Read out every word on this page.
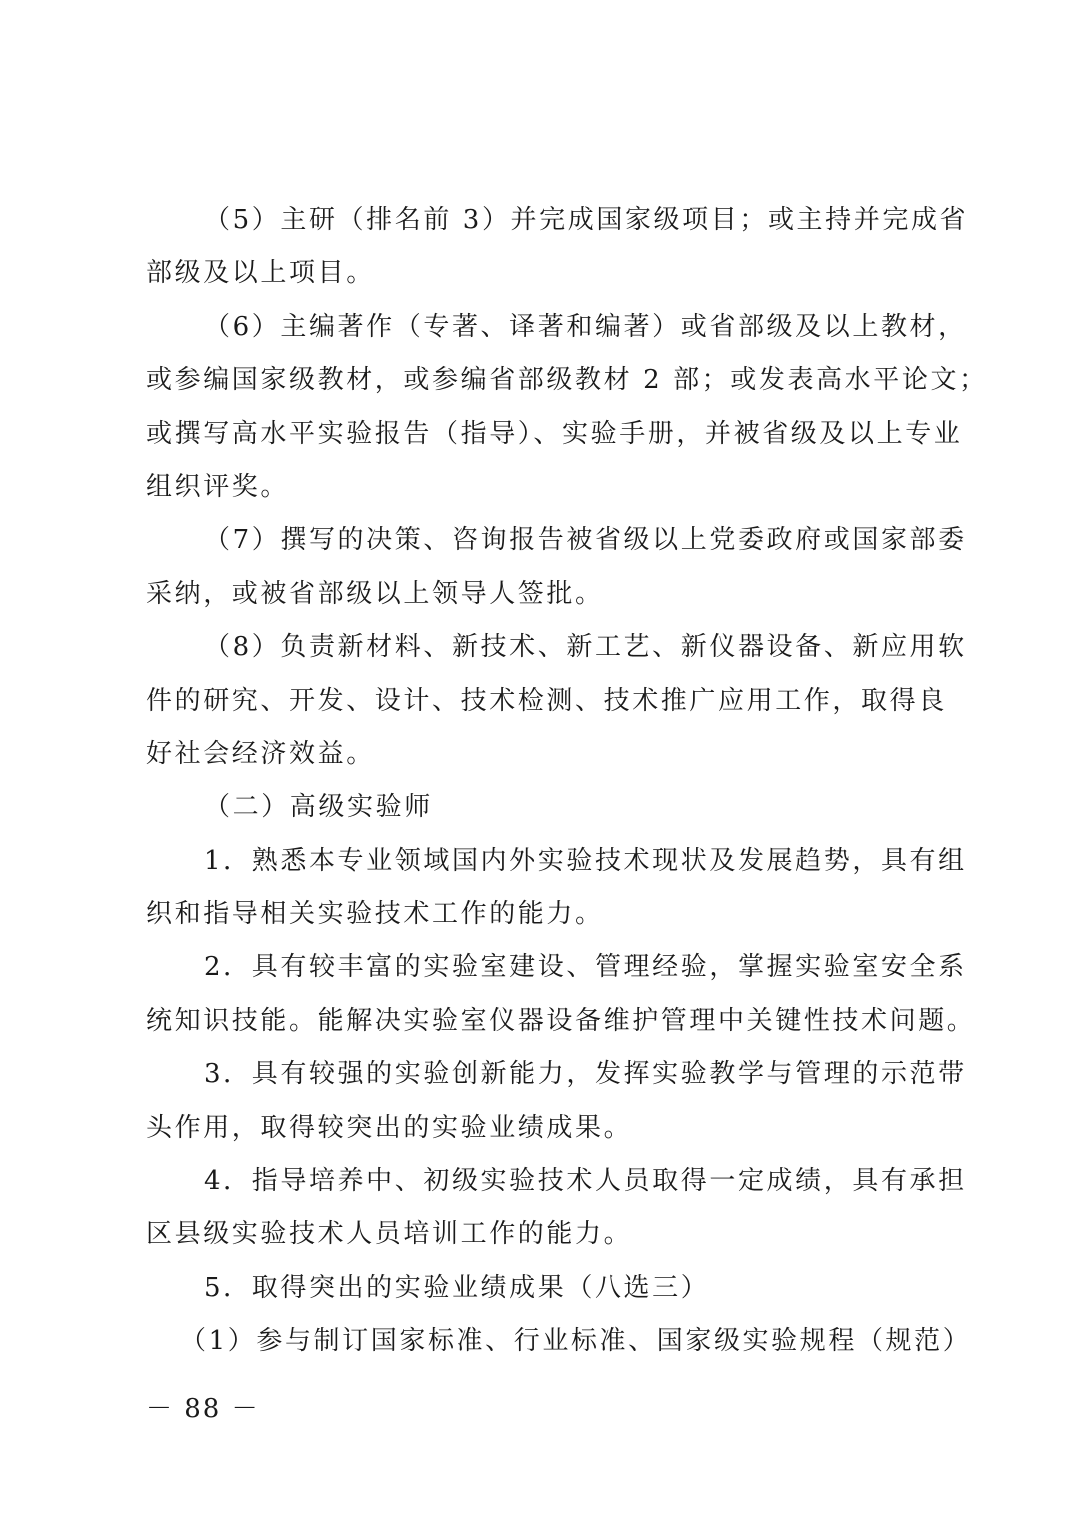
（5）主研（排名前 3）并完成国家级项目；或主持并完成省
部级及以上项目。
（6）主编著作（专著、译著和编著）或省部级及以上教材，
或参编国家级教材，或参编省部级教材 2 部；或发表高水平论文；
或撰写高水平实验报告（指导）、实验手册，并被省级及以上专业
组织评奖。
（7）撰写的决策、咨询报告被省级以上党委政府或国家部委
采纳，或被省部级以上领导人签批。
（8）负责新材料、新技术、新工艺、新仪器设备、新应用软
件的研究、开发、设计、技术检测、技术推广应用工作，取得良
好社会经济效益。
（二）高级实验师
1．熟悉本专业领域国内外实验技术现状及发展趋势，具有组
织和指导相关实验技术工作的能力。
2．具有较丰富的实验室建设、管理经验，掌握实验室安全系
统知识技能。能解决实验室仪器设备维护管理中关键性技术问题。
3．具有较强的实验创新能力，发挥实验教学与管理的示范带
头作用，取得较突出的实验业绩成果。
4．指导培养中、初级实验技术人员取得一定成绩，具有承担
区县级实验技术人员培训工作的能力。
5．取得突出的实验业绩成果（八选三）
（1）参与制订国家标准、行业标准、国家级实验规程（规范）
－ 88 －
